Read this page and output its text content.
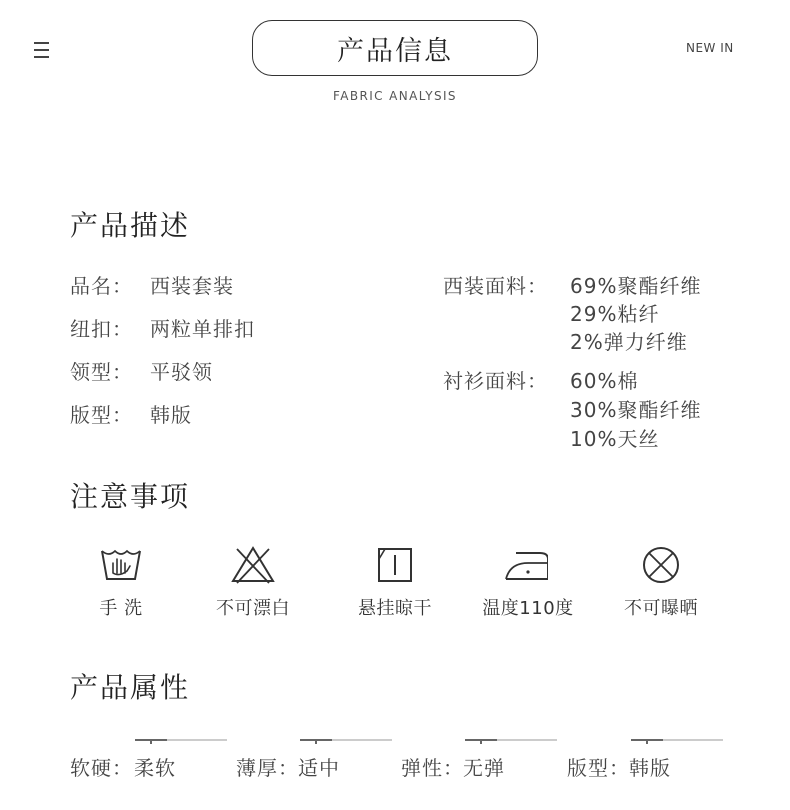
产品信息
FABRIC ANALYSIS
NEW IN
产品描述
品名： 西装套装
纽扣： 两粒单排扣
领型： 平驳领
版型： 韩版
西装面料： 69%聚酯纤维
29%粘纤
2%弹力纤维
衬衫面料： 60%棉
30%聚酯纤维
10%天丝
注意事项
手 洗	不可漂白	悬挂晾干	温度110度	不可曝晒
产品属性
软硬： 柔软	薄厚： 适中	弹性： 无弹	版型： 韩版
